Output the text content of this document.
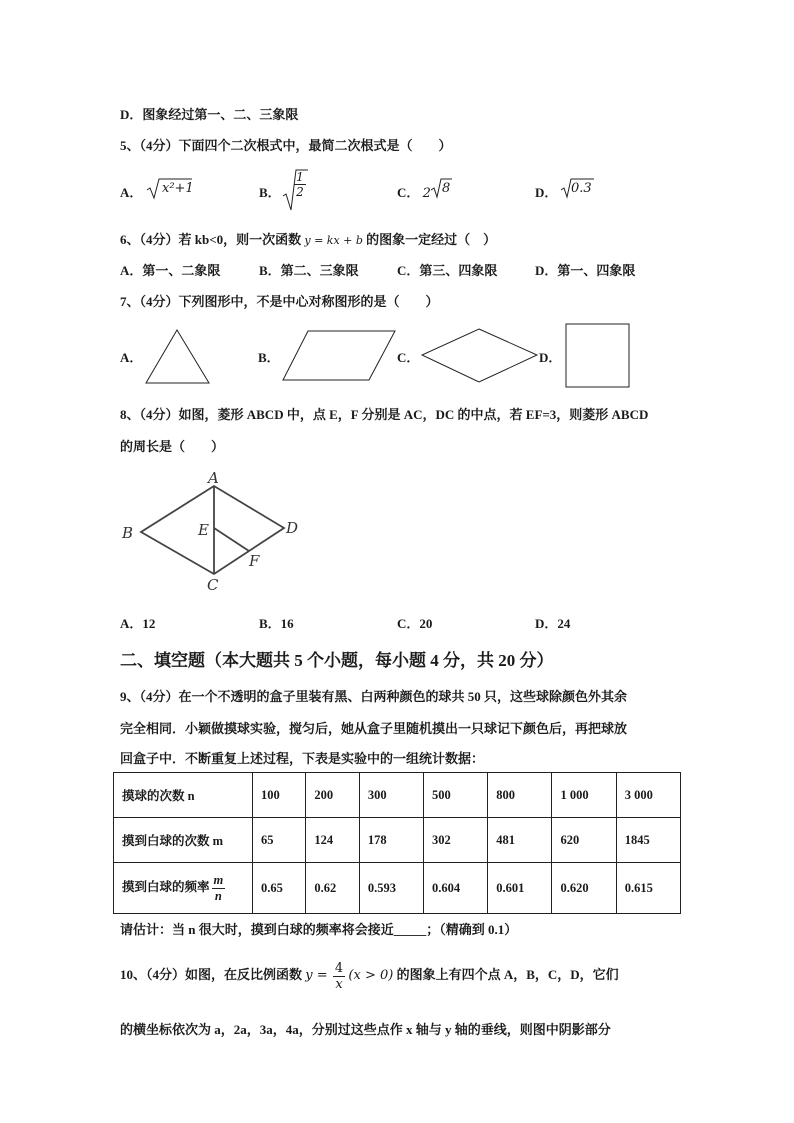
D．图象经过第一、二、三象限
5、（4分）下面四个二次根式中，最简二次根式是（　　）
A． x²+1	B． $\frac{1}{2}$	C． 2 8	D． 0.3
6、（4分）若 kb<0，则一次函数 y = kx + b 的图象一定经过（　）
A．第一、二象限	B．第二、三象限	C．第三、四象限	D．第一、四象限
7、（4分）下列图形中，不是中心对称图形的是（　　）
A．	B．	C．	D．
8、（4分）如图，菱形 ABCD 中，点 E，F 分别是 AC，DC 的中点，若 EF=3，则菱形 ABCD
的周长是（　　）
A
B
C
D
E
F
A．12	B．16	C．20	D．24
二、填空题（本大题共 5 个小题，每小题 4 分，共 20 分）
9、（4分）在一个不透明的盒子里装有黑、白两种颜色的球共 50 只，这些球除颜色外其余
完全相同．小颖做摸球实验，搅匀后，她从盒子里随机摸出一只球记下颜色后，再把球放
回盒子中．不断重复上述过程，下表是实验中的一组统计数据：
摸球的次数 n	100	200	300	500	800	1 000	3 000
摸到白球的次数 m	65	124	178	302	481	620	1845
摸到白球的频率 $\frac{m}{n}$	0.65	0.62	0.593	0.604	0.601	0.620	0.615
请估计：当 n 很大时，摸到白球的频率将会接近_____；（精确到 0.1）
10、（4分）如图，在反比例函数 $y = \frac{4}{x} (x > 0)$ 的图象上有四个点 A，B，C，D，它们
的横坐标依次为 a，2a，3a，4a，分别过这些点作 x 轴与 y 轴的垂线，则图中阴影部分
